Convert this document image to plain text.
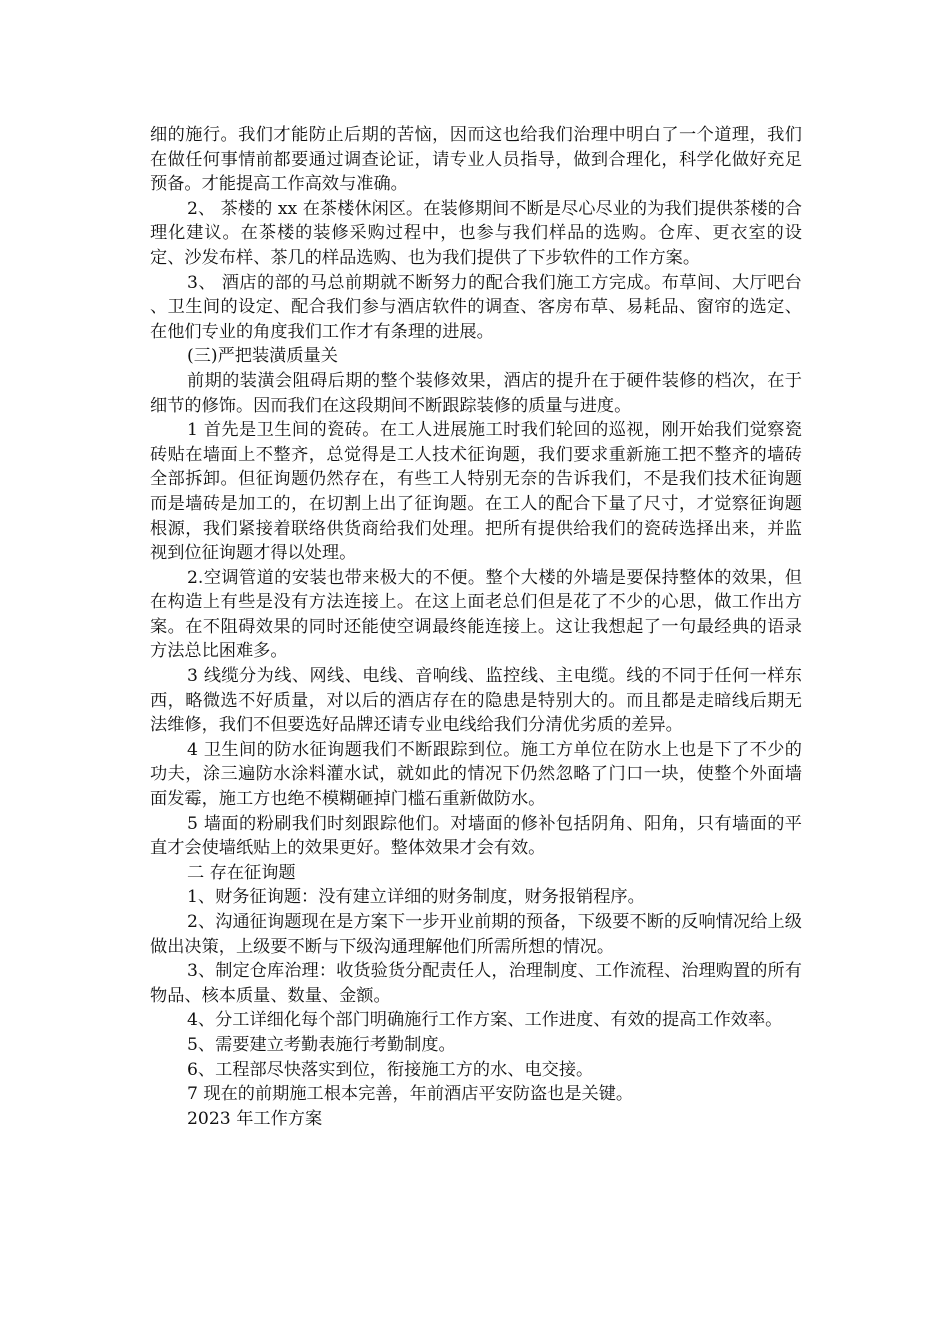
细的施行。我们才能防止后期的苦恼，因而这也给我们治理中明白了一个道理，我们在做任何事情前都要通过调查论证，请专业人员指导，做到合理化，科学化做好充足预备。才能提高工作高效与准确。

2、 茶楼的 xx 在茶楼休闲区。在装修期间不断是尽心尽业的为我们提供茶楼的合理化建议。在茶楼的装修采购过程中，也参与我们样品的选购。仓库、更衣室的设定、沙发布样、茶几的样品选购、也为我们提供了下步软件的工作方案。

3、 酒店的部的马总前期就不断努力的配合我们施工方完成。布草间、大厅吧台 、卫生间的设定、配合我们参与酒店软件的调查、客房布草、易耗品、窗帘的选定、在他们专业的角度我们工作才有条理的进展。

(三)严把装潢质量关

前期的装潢会阻碍后期的整个装修效果，酒店的提升在于硬件装修的档次，在于细节的修饰。因而我们在这段期间不断跟踪装修的质量与进度。

1 首先是卫生间的瓷砖。在工人进展施工时我们轮回的巡视，刚开始我们觉察瓷砖贴在墙面上不整齐，总觉得是工人技术征询题，我们要求重新施工把不整齐的墙砖全部拆卸。但征询题仍然存在，有些工人特别无奈的告诉我们，不是我们技术征询题而是墙砖是加工的，在切割上出了征询题。在工人的配合下量了尺寸，才觉察征询题根源，我们紧接着联络供货商给我们处理。把所有提供给我们的瓷砖选择出来，并监视到位征询题才得以处理。

2.空调管道的安装也带来极大的不便。整个大楼的外墙是要保持整体的效果，但在构造上有些是没有方法连接上。在这上面老总们但是花了不少的心思，做工作出方案。在不阻碍效果的同时还能使空调最终能连接上。这让我想起了一句最经典的语录方法总比困难多。

3 线缆分为线、网线、电线、音响线、监控线、主电缆。线的不同于任何一样东西，略微选不好质量，对以后的酒店存在的隐患是特别大的。而且都是走暗线后期无法维修，我们不但要选好品牌还请专业电线给我们分清优劣质的差异。

4 卫生间的防水征询题我们不断跟踪到位。施工方单位在防水上也是下了不少的功夫，涂三遍防水涂料灌水试，就如此的情况下仍然忽略了门口一块，使整个外面墙面发霉，施工方也绝不模糊砸掉门槛石重新做防水。

5 墙面的粉刷我们时刻跟踪他们。对墙面的修补包括阴角、阳角，只有墙面的平直才会使墙纸贴上的效果更好。整体效果才会有效。

二 存在征询题

1、财务征询题：没有建立详细的财务制度，财务报销程序。

2、沟通征询题现在是方案下一步开业前期的预备，下级要不断的反响情况给上级做出决策，上级要不断与下级沟通理解他们所需所想的情况。

3、制定仓库治理：收货验货分配责任人，治理制度、工作流程、治理购置的所有物品、核本质量、数量、金额。

4、分工详细化每个部门明确施行工作方案、工作进度、有效的提高工作效率。

5、需要建立考勤表施行考勤制度。

6、工程部尽快落实到位，衔接施工方的水、电交接。

7 现在的前期施工根本完善，年前酒店平安防盗也是关键。

2023 年工作方案
